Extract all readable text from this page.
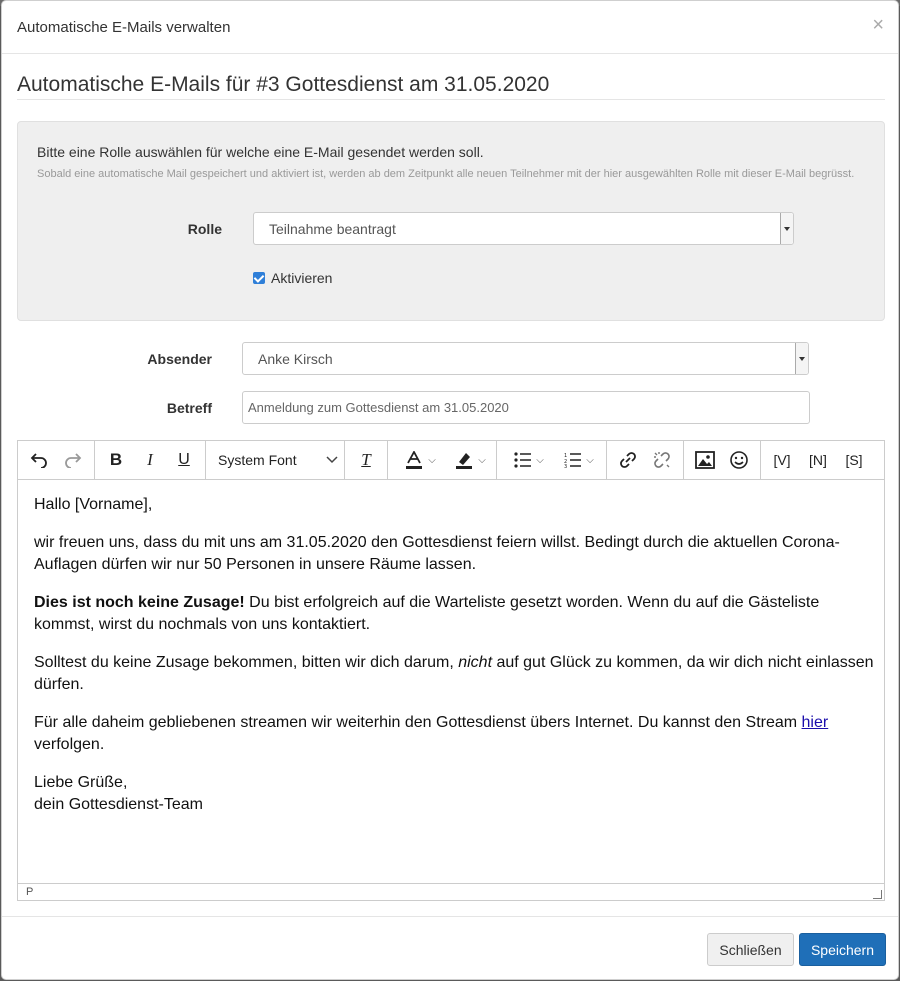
Automatische E-Mails verwalten	×
Automatische E-Mails für #3 Gottesdienst am 31.05.2020
Bitte eine Rolle auswählen für welche eine E-Mail gesendet werden soll.
Sobald eine automatische Mail gespeichert und aktiviert ist, werden ab dem Zeitpunkt alle neuen Teilnehmer mit der hier ausgewählten Rolle mit dieser E-Mail begrüsst.
Rolle	Teilnahme beantragt
Aktivieren
Absender	Anke Kirsch
Betreff	Anmeldung zum Gottesdienst am 31.05.2020
B	I	U	System Font	T	⌵	⌵	⌵	1
2
3
⌵	[V] [N] [S]

Hallo [Vorname],

wir freuen uns, dass du mit uns am 31.05.2020 den Gottesdienst feiern willst. Bedingt durch die aktuellen Corona-Auflagen dürfen wir nur 50 Personen in unsere Räume lassen.

Dies ist noch keine Zusage! Du bist erfolgreich auf die Warteliste gesetzt worden. Wenn du auf die Gästeliste kommst, wirst du nochmals von uns kontaktiert.

Solltest du keine Zusage bekommen, bitten wir dich darum, nicht auf gut Glück zu kommen, da wir dich nicht einlassen dürfen.

Für alle daheim gebliebenen streamen wir weiterhin den Gottesdienst übers Internet. Du kannst den Stream hier verfolgen.

Liebe Grüße,
dein Gottesdienst-Team

P
Schließen	Speichern
